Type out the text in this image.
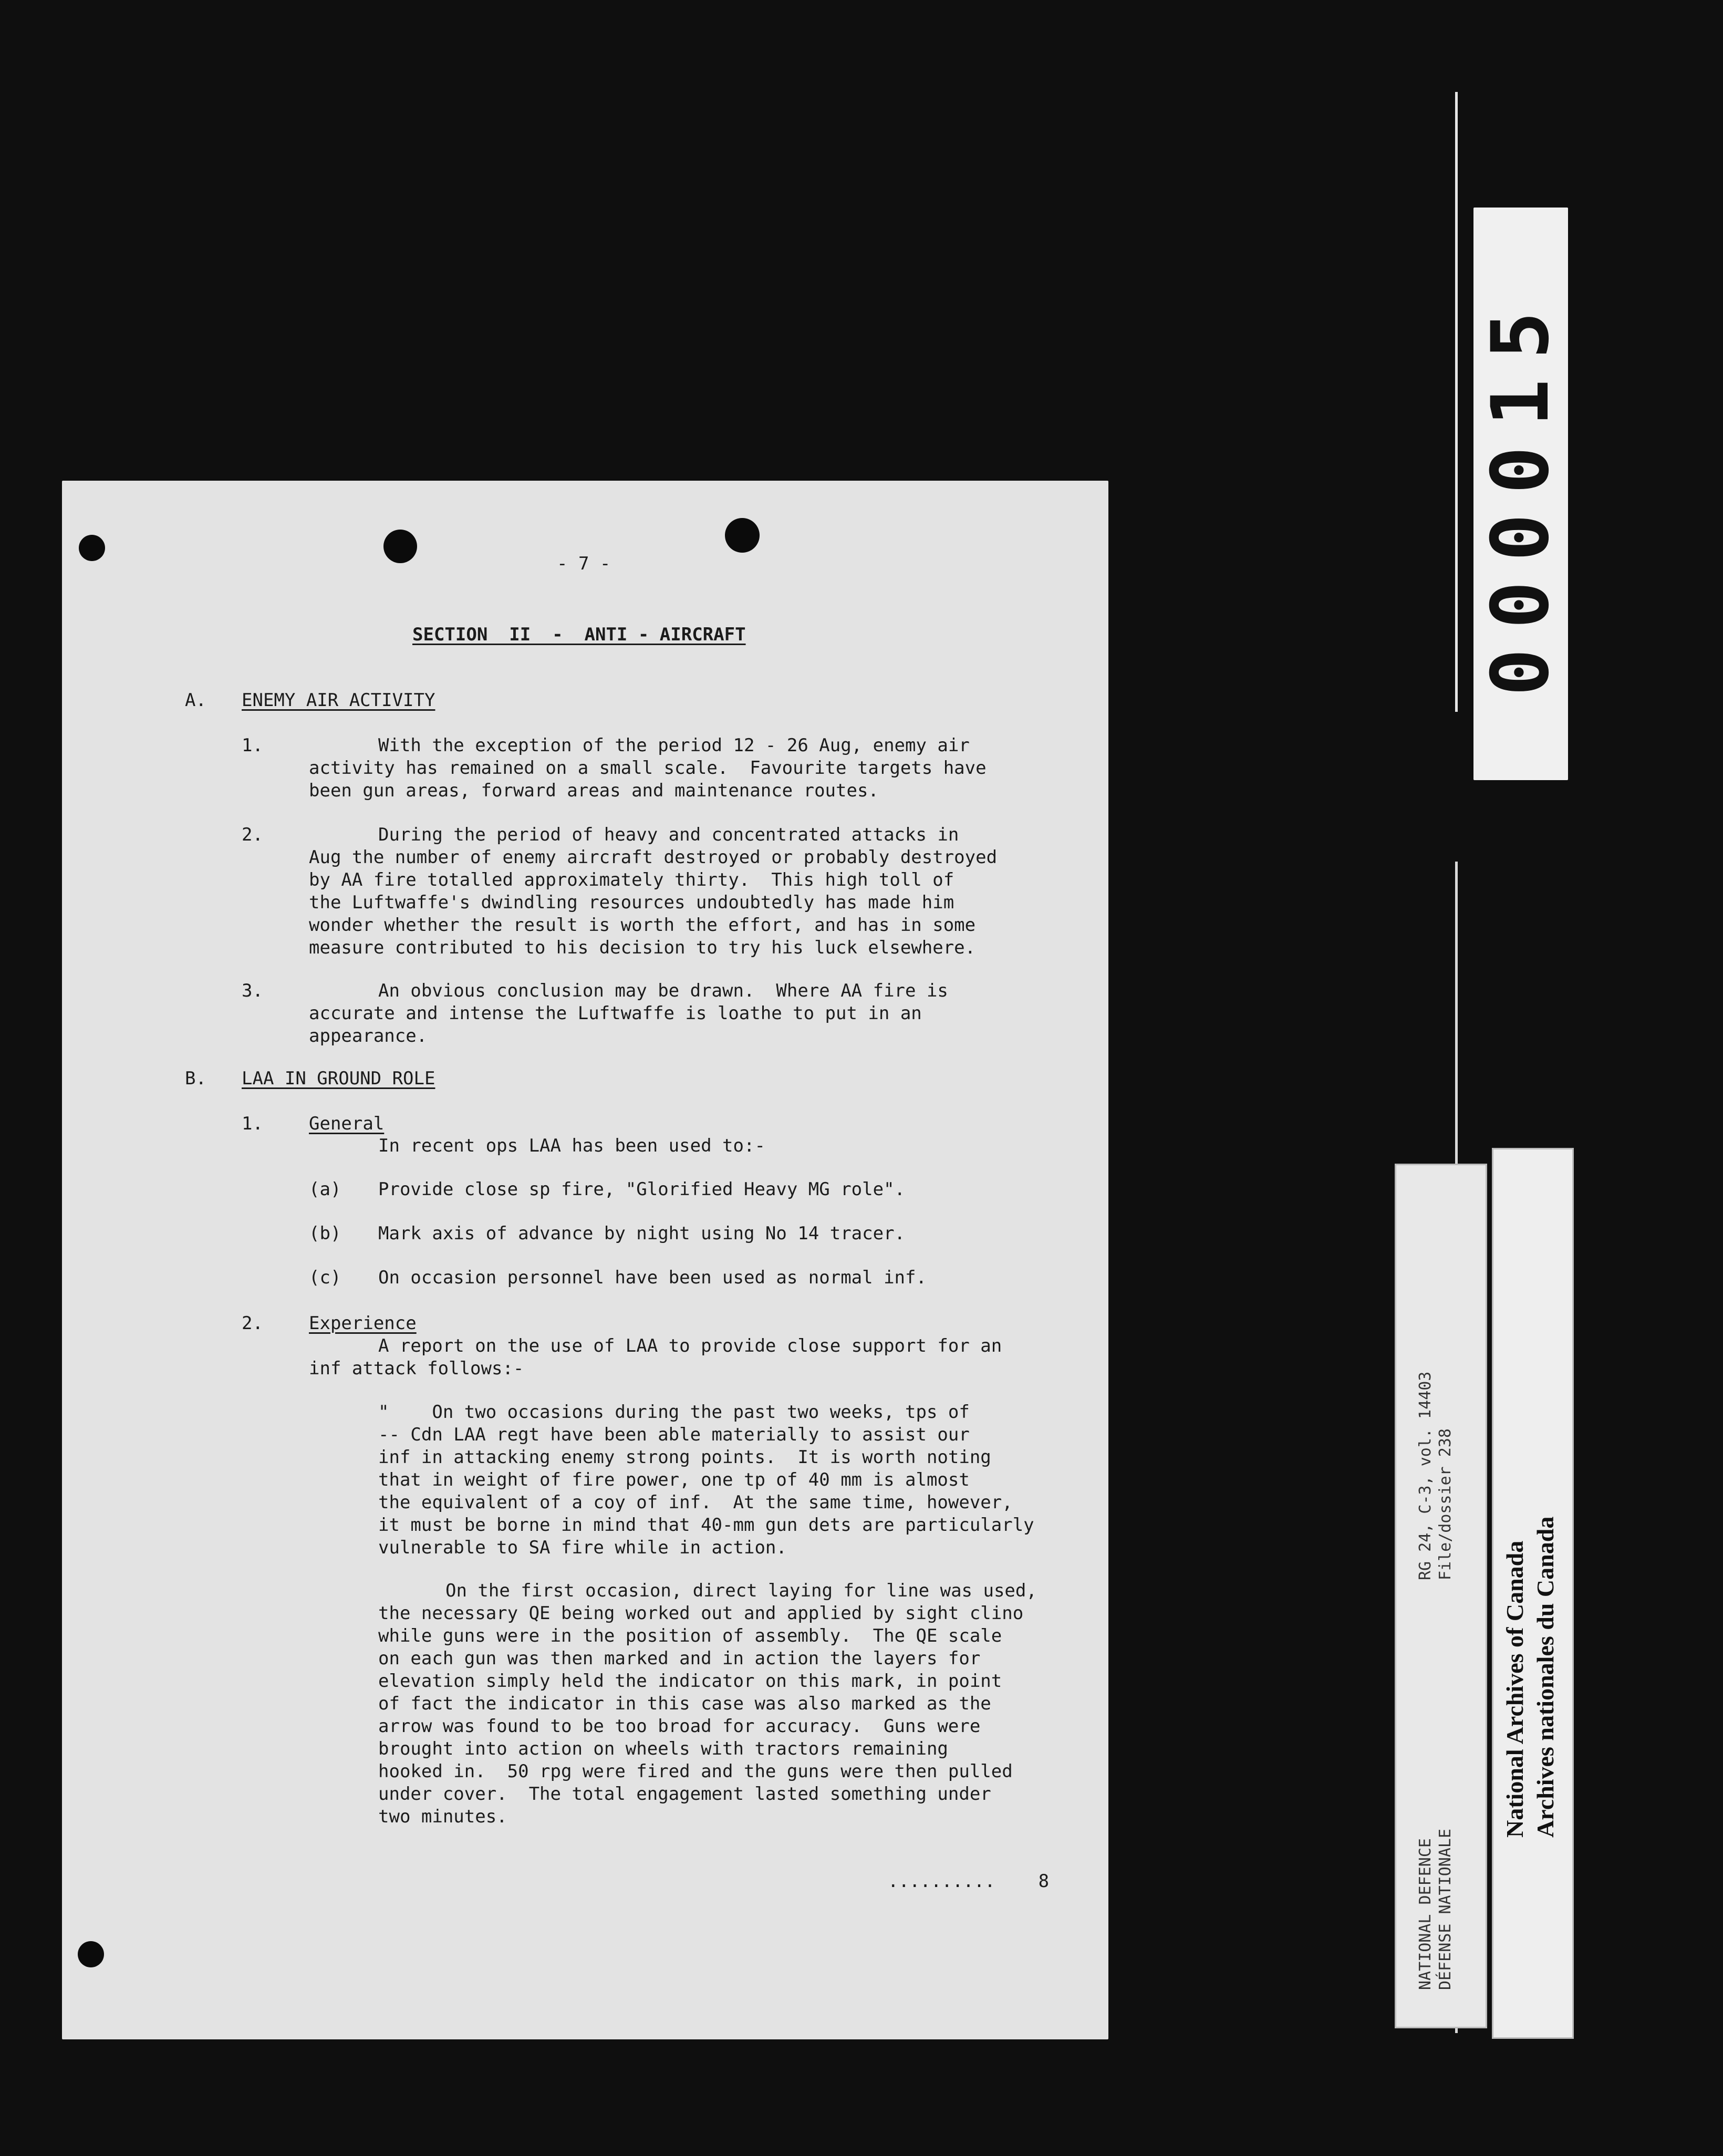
- 7 -
SECTION  II  -  ANTI - AIRCRAFT
A. ENEMY AIR ACTIVITY
1.	With the exception of the period 12 - 26 Aug, enemy air
activity has remained on a small scale.  Favourite targets have
been gun areas, forward areas and maintenance routes.
2.	During the period of heavy and concentrated attacks in
Aug the number of enemy aircraft destroyed or probably destroyed
by AA fire totalled approximately thirty.  This high toll of
the Luftwaffe's dwindling resources undoubtedly has made him
wonder whether the result is worth the effort, and has in some
measure contributed to his decision to try his luck elsewhere.
3.	An obvious conclusion may be drawn.  Where AA fire is
accurate and intense the Luftwaffe is loathe to put in an
appearance.
B. LAA IN GROUND ROLE
1.	General
In recent ops LAA has been used to:-
(a) Provide close sp fire, "Glorified Heavy MG role".
(b) Mark axis of advance by night using No 14 tracer.
(c) On occasion personnel have been used as normal inf.
2.	Experience
A report on the use of LAA to provide close support for an
inf attack follows:-
"    On two occasions during the past two weeks, tps of
-- Cdn LAA regt have been able materially to assist our
inf in attacking enemy strong points.  It is worth noting
that in weight of fire power, one tp of 40 mm is almost
the equivalent of a coy of inf.  At the same time, however,
it must be borne in mind that 40-mm gun dets are particularly
vulnerable to SA fire while in action.
On the first occasion, direct laying for line was used,
the necessary QE being worked out and applied by sight clino
while guns were in the position of assembly.  The QE scale
on each gun was then marked and in action the layers for
elevation simply held the indicator on this mark, in point
of fact the indicator in this case was also marked as the
arrow was found to be too broad for accuracy.  Guns were
brought into action on wheels with tractors remaining
hooked in.  50 rpg were fired and the guns were then pulled
under cover.  The total engagement lasted something under
two minutes.
..........    8
000015
NATIONAL DEFENCE DÉFENSE NATIONALE
RG 24, C-3, vol. 14403 File/dossier 238
National Archives of Canada Archives nationales du Canada
